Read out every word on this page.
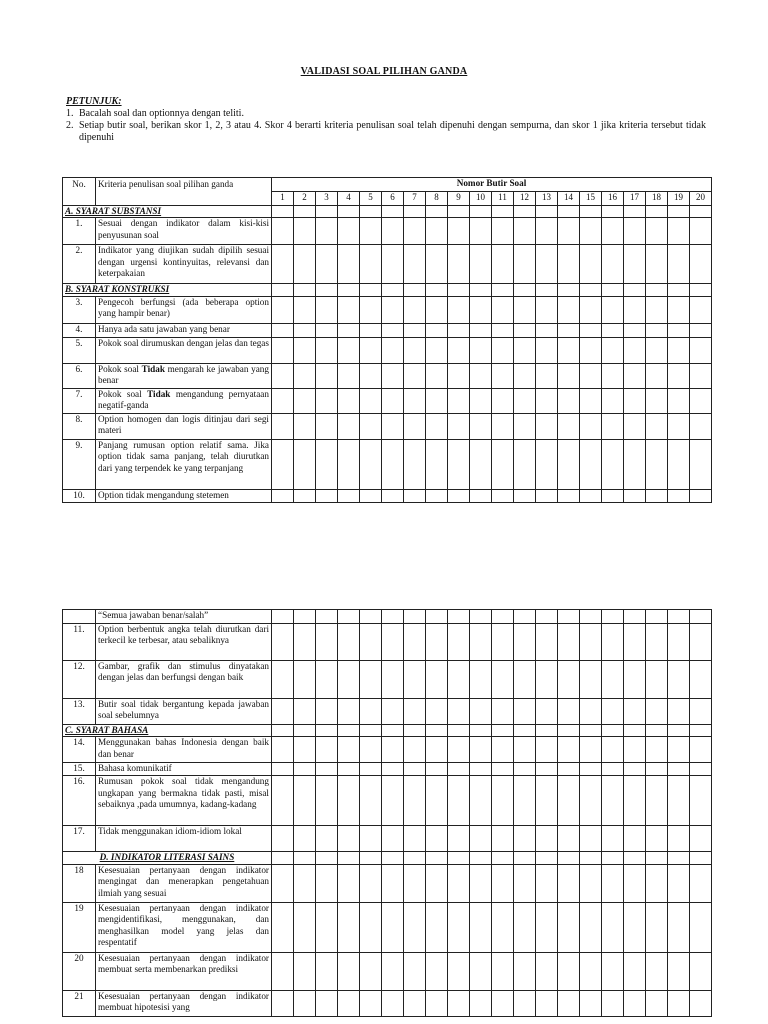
VALIDASI SOAL PILIHAN GANDA
PETUNJUK:
1. Bacalah soal dan optionnya dengan teliti.
2. Setiap butir soal, berikan skor 1, 2, 3 atau 4. Skor 4 berarti kriteria penulisan soal telah dipenuhi dengan sempurna, dan skor 1 jika kriteria tersebut tidak dipenuhi
No.	Kriteria penulisan soal pilihan ganda	Nomor Butir Soal																			
		1	2	3	4	5	6	7	8	9	10	11	12	13	14	15	16	17	18	19	20
A. SYARAT SUBSTANSI																					
1.	Sesuai dengan indikator dalam kisi-kisi penyusunan soal																				
2.	Indikator yang diujikan sudah dipilih sesuai dengan urgensi kontinyuitas, relevansi dan keterpakaian																				
B. SYARAT KONSTRUKSI																					
3.	Pengecoh berfungsi (ada beberapa option yang hampir benar)																				
4.	Hanya ada satu jawaban yang benar																				
5.	Pokok soal dirumuskan dengan jelas dan tegas																				
6.	Pokok soal Tidak mengarah ke jawaban yang benar																				
7.	Pokok soal Tidak mengandung pernyataan negatif-ganda																				
8.	Option homogen dan logis ditinjau dari segi materi																				
9.	Panjang rumusan option relatif sama. Jika option tidak sama panjang, telah diurutkan dari yang terpendek ke yang terpanjang																				
10.	Option tidak mengandung stetemen																				
	“Semua jawaban benar/salah”																				
11.	Option berbentuk angka telah diurutkan dari terkecil ke terbesar, atau sebaliknya																				
12.	Gambar, grafik dan stimulus dinyatakan dengan jelas dan berfungsi dengan baik																				
13.	Butir soal tidak bergantung kepada jawaban soal sebelumnya																				
C. SYARAT BAHASA																					
14.	Menggunakan bahas Indonesia dengan baik dan benar																				
15.	Bahasa komunikatif																				
16.	Rumusan pokok soal tidak mengandung ungkapan yang bermakna tidak pasti, misal sebaiknya ,pada umumnya, kadang-kadang																				
17.	Tidak menggunakan idiom-idiom lokal																				
D. INDIKATOR LITERASI SAINS																					
18	Kesesuaian pertanyaan dengan indikator mengingat dan menerapkan pengetahuan ilmiah yang sesuai																				
19	Kesesuaian pertanyaan dengan indikator mengidentifikasi, menggunakan, dan menghasilkan model yang jelas dan respentatif																				
20	Kesesuaian pertanyaan dengan indikator membuat serta membenarkan prediksi																				
21	Kesesuaian pertanyaan dengan indikator membuat hipotesisi yang																				
